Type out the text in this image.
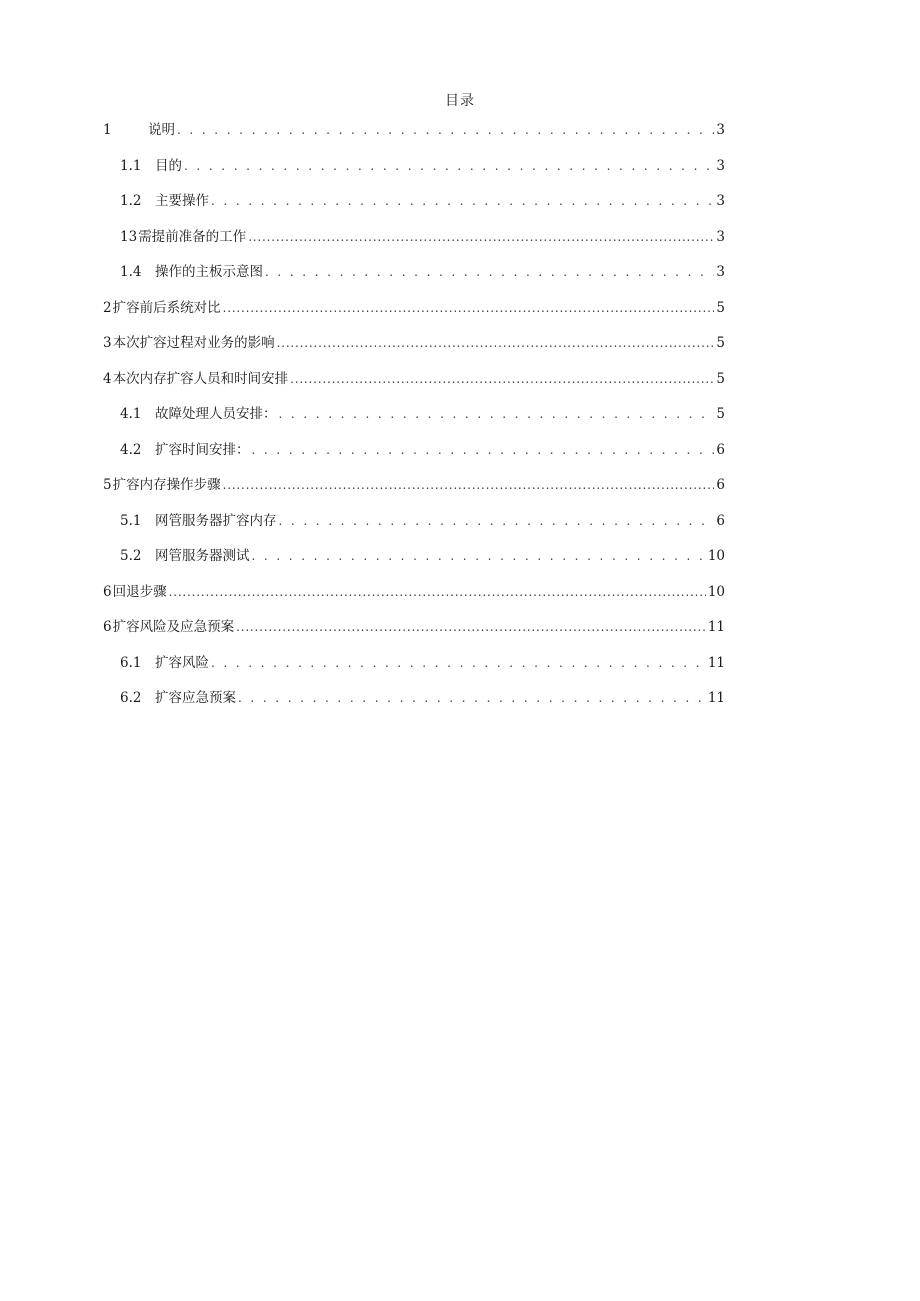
目录
1	说明 . . .	3
1.1	目的 . . .	3
1.2	主要操作 . . .	3
13 需提前准备的工作 .....	3
1.4	操作的主板示意图 . . .	3
2 扩容前后系统对比 .....	5
3 本次扩容过程对业务的影响 .....	5
4 本次内存扩容人员和时间安排 .....	5
4.1	故障处理人员安排： . . .	5
4.2	扩容时间安排： . . .	6
5 扩容内存操作步骤 .....	6
5.1	网管服务器扩容内存 . . .	6
5.2	网管服务器测试 . . .	10
6 回退步骤 .....	10
6 扩容风险及应急预案 .....	11
6.1	扩容风险 . . .	11
6.2	扩容应急预案 . . .	11
